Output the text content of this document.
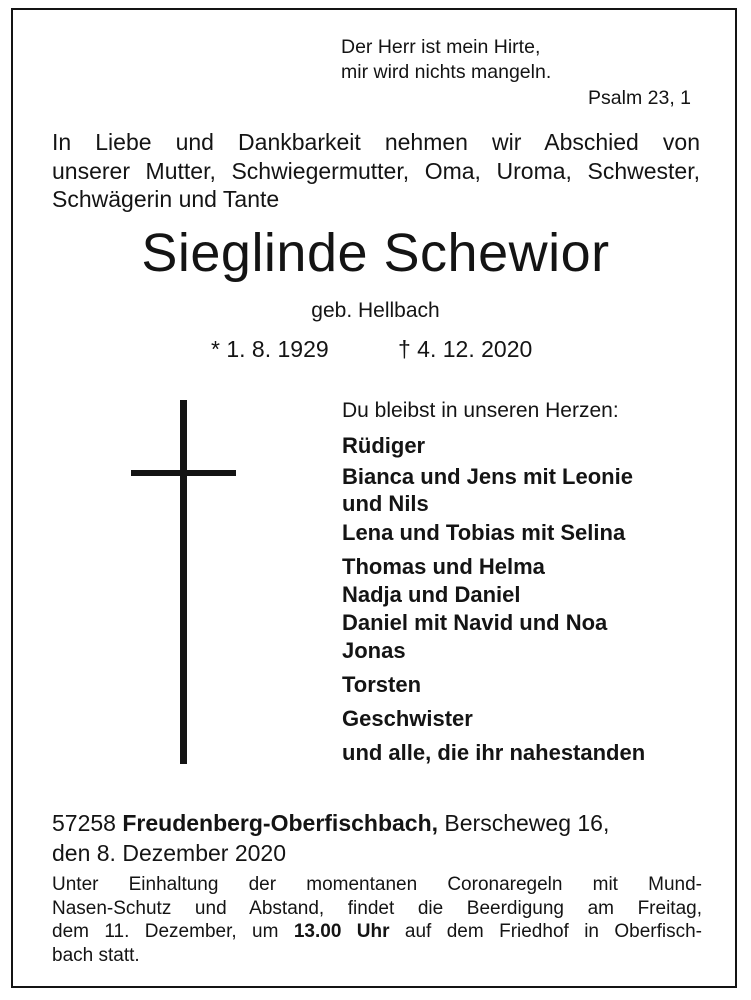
Der Herr ist mein Hirte,
mir wird nichts mangeln.
Psalm 23, 1
In Liebe und Dankbarkeit nehmen wir Abschied von
unserer Mutter, Schwiegermutter, Oma, Uroma, Schwester,
Schwägerin und Tante
Sieglinde Schewior
geb. Hellbach
* 1. 8. 1929	† 4. 12. 2020
Du bleibst in unseren Herzen:
Rüdiger
Bianca und Jens mit Leonie
und Nils
Lena und Tobias mit Selina
Thomas und Helma
Nadja und Daniel
Daniel mit Navid und Noa
Jonas
Torsten
Geschwister
und alle, die ihr nahestanden
57258 Freudenberg-Oberfischbach, Berscheweg 16,
den 8. Dezember 2020
Unter Einhaltung der momentanen Coronaregeln mit Mund-
Nasen-Schutz und Abstand, findet die Beerdigung am Freitag,
dem 11. Dezember, um 13.00 Uhr auf dem Friedhof in Oberfisch-
bach statt.
